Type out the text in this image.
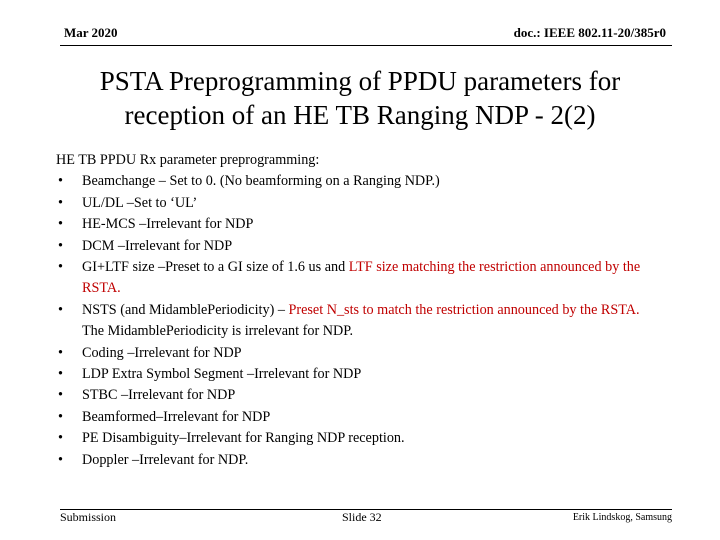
Mar 2020	doc.: IEEE 802.11-20/385r0
PSTA Preprogramming of PPDU parameters for
reception of an HE TB Ranging NDP - 2(2)

HE TB PPDU Rx parameter preprogramming:

• Beamchange – Set to 0. (No beamforming on a Ranging NDP.)
• UL/DL –Set to ‘UL’
• HE-MCS –Irrelevant for NDP
• DCM –Irrelevant for NDP
• GI+LTF size –Preset to a GI size of 1.6 us and LTF size matching the restriction announced by the RSTA.
• NSTS (and MidamblePeriodicity) – Preset N_sts to match the restriction announced by the RSTA. The MidamblePeriodicity is irrelevant for NDP.
• Coding –Irrelevant for NDP
• LDP Extra Symbol Segment –Irrelevant for NDP
• STBC –Irrelevant for NDP
• Beamformed–Irrelevant for NDP
• PE Disambiguity–Irrelevant for Ranging NDP reception.
• Doppler –Irrelevant for NDP.
Submission	Slide 32	Erik Lindskog, Samsung
